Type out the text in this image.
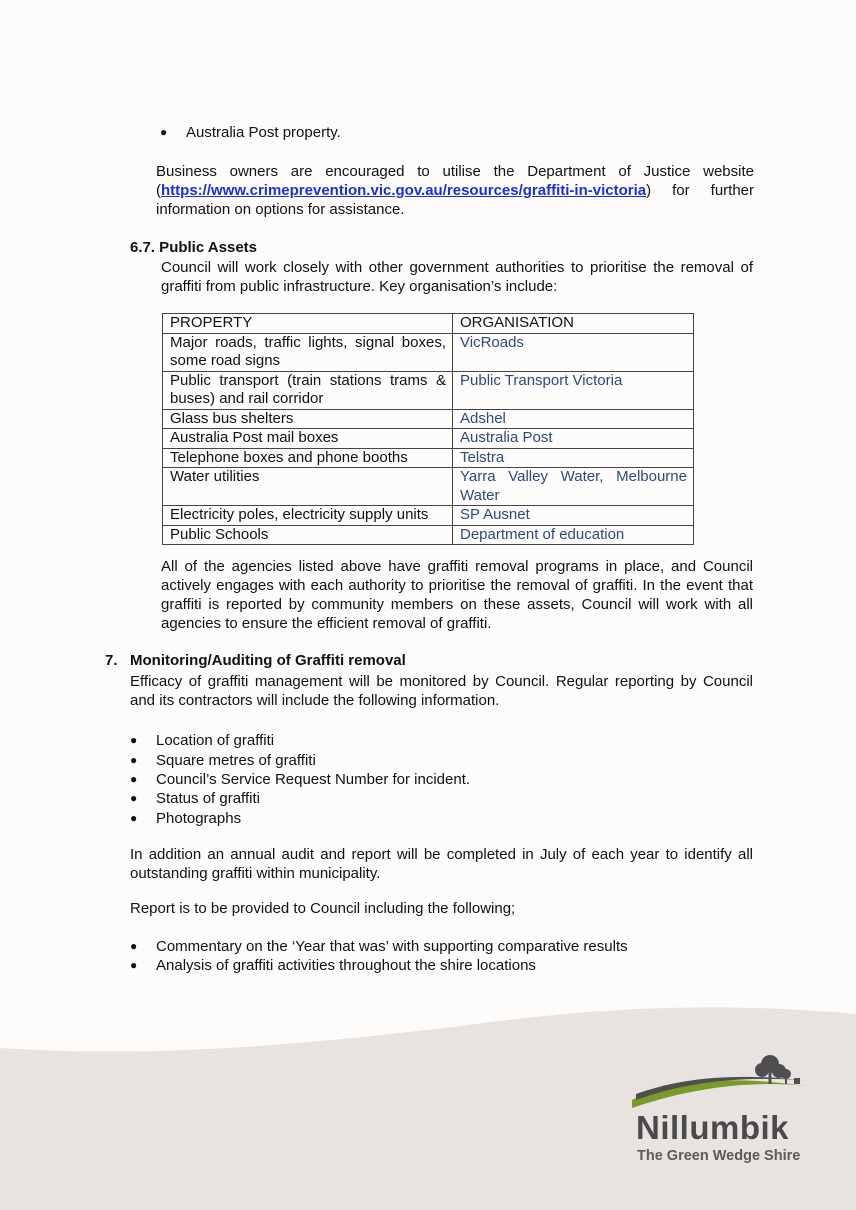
●	Australia Post property.
Business owners are encouraged to utilise the Department of Justice website (https://www.crimeprevention.vic.gov.au/resources/graffiti-in-victoria) for further information on options for assistance.
6.7. Public Assets
Council will work closely with other government authorities to prioritise the removal of graffiti from public infrastructure. Key organisation’s include:
PROPERTY	ORGANISATION
Major roads, traffic lights, signal boxes, some road signs	VicRoads
Public transport (train stations trams & buses) and rail corridor	Public Transport Victoria
Glass bus shelters	Adshel
Australia Post mail boxes	Australia Post
Telephone boxes and phone booths	Telstra
Water utilities	Yarra Valley Water, Melbourne Water
Electricity poles, electricity supply units	SP Ausnet
Public Schools	Department of education
All of the agencies listed above have graffiti removal programs in place, and Council actively engages with each authority to prioritise the removal of graffiti. In the event that graffiti is reported by community members on these assets, Council will work with all agencies to ensure the efficient removal of graffiti.
7. Monitoring/Auditing of Graffiti removal
Efficacy of graffiti management will be monitored by Council. Regular reporting by Council and its contractors will include the following information.
●	Location of graffiti
●	Square metres of graffiti
●	Council’s Service Request Number for incident.
●	Status of graffiti
●	Photographs
In addition an annual audit and report will be completed in July of each year to identify all outstanding graffiti within municipality.
Report is to be provided to Council including the following;
●	Commentary on the ‘Year that was’ with supporting comparative results
●	Analysis of graffiti activities throughout the shire locations
Nillumbik
The Green Wedge Shire
